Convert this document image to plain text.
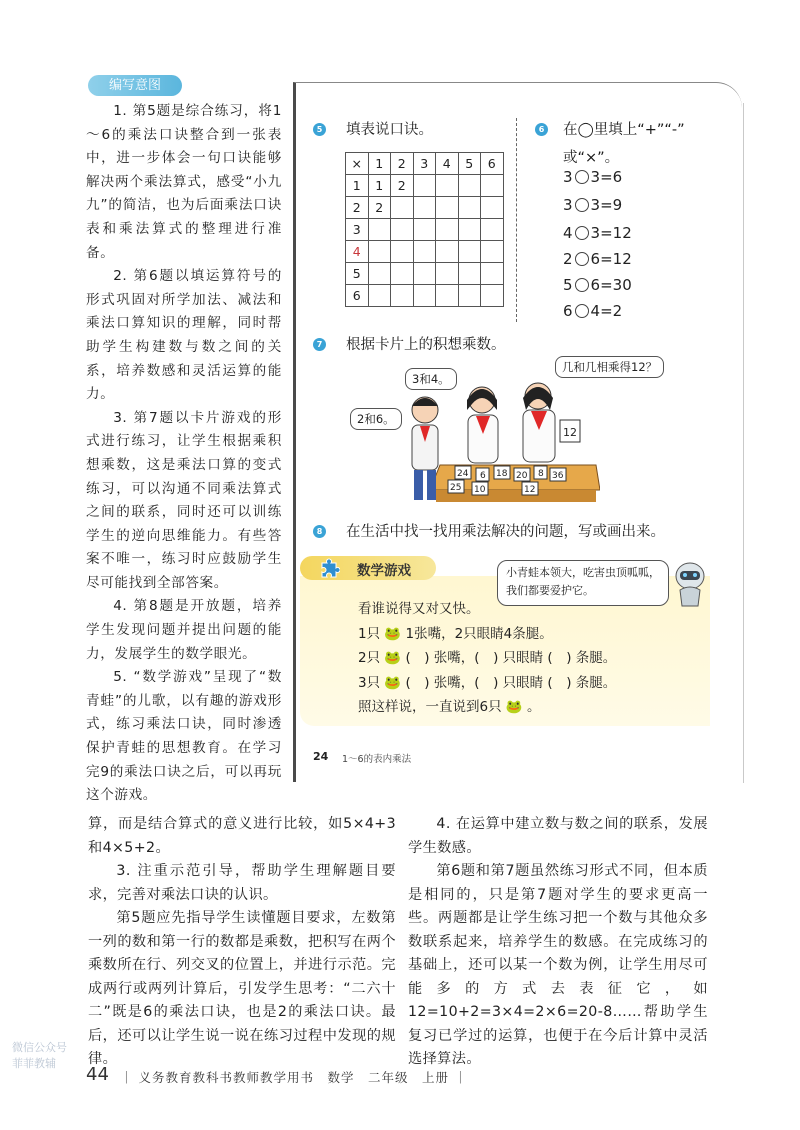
编写意图

1. 第5题是综合练习，将1～6的乘法口诀整合到一张表中，进一步体会一句口诀能够解决两个乘法算式，感受“小九九”的简洁，也为后面乘法口诀表和乘法算式的整理进行准备。

2. 第6题以填运算符号的形式巩固对所学加法、减法和乘法口算知识的理解，同时帮助学生构建数与数之间的关系，培养数感和灵活运算的能力。

3. 第7题以卡片游戏的形式进行练习，让学生根据乘积想乘数，这是乘法口算的变式练习，可以沟通不同乘法算式之间的联系，同时还可以训练学生的逆向思维能力。有些答案不唯一，练习时应鼓励学生尽可能找到全部答案。

4. 第8题是开放题，培养学生发现问题并提出问题的能力，发展学生的数学眼光。

5. “数学游戏”呈现了“数青蛙”的儿歌，以有趣的游戏形式，练习乘法口诀，同时渗透保护青蛙的思想教育。在学习完9的乘法口诀之后，可以再玩这个游戏。

5 填表说口诀。
×	1	2	3	4	5	6
1	1	2				
2	2					
3						
4						
5						
6						
6 在◯里填上“+”“-”
或“×”。
3 3=6
3 3=9
4 3=12
2 6=12
5 6=30
6 4=2
7 根据卡片上的积想乘数。
3和4。
2和6。
几和几相乘得12？
12
24 6 18 20 8 36
25 10	12
8 在生活中找一找用乘法解决的问题，写或画出来。
数学游戏	小青蛙本领大，吃害虫顶呱呱，我们都要爱护它。
看谁说得又对又快。
1只 🐸 1张嘴，2只眼睛4条腿。
2只 🐸 (　) 张嘴，(　) 只眼睛 (　) 条腿。
3只 🐸 (　) 张嘴，(　) 只眼睛 (　) 条腿。
照这样说，一直说到6只 🐸 。
24 1～6的表内乘法

算，而是结合算式的意义进行比较，如5×4+3和4×5+2。

3. 注重示范引导，帮助学生理解题目要求，完善对乘法口诀的认识。

第5题应先指导学生读懂题目要求，左数第一列的数和第一行的数都是乘数，把积写在两个乘数所在行、列交叉的位置上，并进行示范。完成两行或两列计算后，引发学生思考：“二六十二”既是6的乘法口诀，也是2的乘法口诀。最后，还可以让学生说一说在练习过程中发现的规律。

4. 在运算中建立数与数之间的联系，发展学生数感。

第6题和第7题虽然练习形式不同，但本质是相同的，只是第7题对学生的要求更高一些。两题都是让学生练习把一个数与其他众多数联系起来，培养学生的数感。在完成练习的基础上，还可以某一个数为例，让学生用尽可能多的方式去表征它，如12=10+2=3×4=2×6=20-8……帮助学生复习已学过的运算，也便于在今后计算中灵活选择算法。

44 ｜ 义务教育教科书教师教学用书　数学　二年级　上册 ｜
微信公众号
菲菲教辅
